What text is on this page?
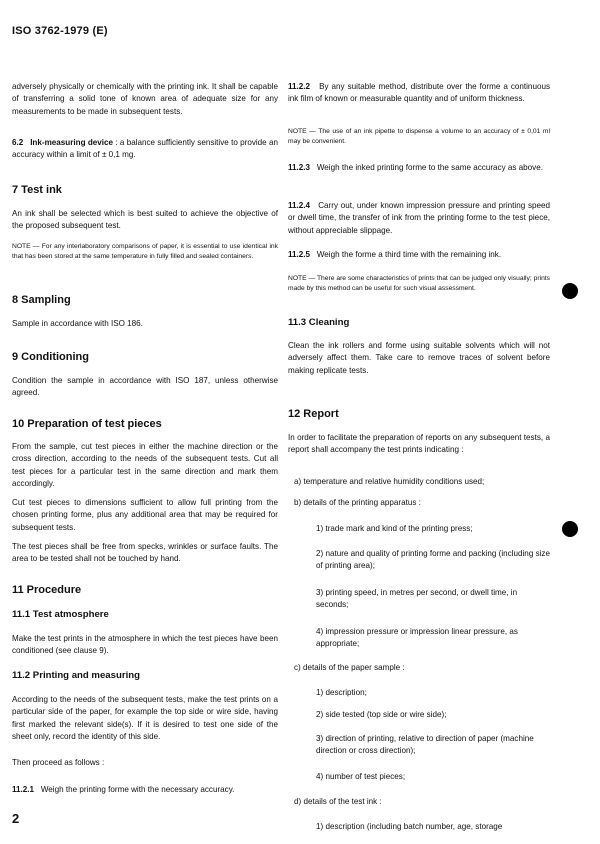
ISO 3762-1979 (E)

adversely physically or chemically with the printing ink. It shall be capable of transferring a solid tone of known area of adequate size for any measurements to be made in subsequent tests.

6.2 Ink-measuring device : a balance sufficiently sensitive to provide an accuracy within a limit of ± 0,1 mg.

7 Test ink

An ink shall be selected which is best suited to achieve the objective of the proposed subsequent test.

NOTE — For any interlaboratory comparisons of paper, it is essential to use identical ink that has been stored at the same temperature in fully filled and sealed containers.

8 Sampling

Sample in accordance with ISO 186.

9 Conditioning

Condition the sample in accordance with ISO 187, unless otherwise agreed.

10 Preparation of test pieces

From the sample, cut test pieces in either the machine direction or the cross direction, according to the needs of the subsequent tests. Cut all test pieces for a particular test in the same direction and mark them accordingly.

Cut test pieces to dimensions sufficient to allow full printing from the chosen printing forme, plus any additional area that may be required for subsequent tests.

The test pieces shall be free from specks, wrinkles or surface faults. The area to be tested shall not be touched by hand.

11 Procedure
11.1 Test atmosphere

Make the test prints in the atmosphere in which the test pieces have been conditioned (see clause 9).

11.2 Printing and measuring

According to the needs of the subsequent tests, make the test prints on a particular side of the paper, for example the top side or wire side, having first marked the relevant side(s). If it is desired to test one side of the sheet only, record the identity of this side.

Then proceed as follows :

11.2.1 Weigh the printing forme with the necessary accuracy.

11.2.2 By any suitable method, distribute over the forme a continuous ink film of known or measurable quantity and of uniform thickness.

NOTE — The use of an ink pipette to dispense a volume to an accuracy of ± 0,01 ml may be convenient.

11.2.3 Weigh the inked printing forme to the same accuracy as above.

11.2.4 Carry out, under known impression pressure and printing speed or dwell time, the transfer of ink from the printing forme to the test piece, without appreciable slippage.

11.2.5 Weigh the forme a third time with the remaining ink.

NOTE — There are some characteristics of prints that can be judged only visually; prints made by this method can be useful for such visual assessment.

11.3 Cleaning

Clean the ink rollers and forme using suitable solvents which will not adversely affect them. Take care to remove traces of solvent before making replicate tests.

12 Report

In order to facilitate the preparation of reports on any subsequent tests, a report shall accompany the test prints indicating :

a) temperature and relative humidity conditions used;
b) details of the printing apparatus :
1) trade mark and kind of the printing press;
2) nature and quality of printing forme and packing (including size of printing area);
3) printing speed, in metres per second, or dwell time, in seconds;
4) impression pressure or impression linear pressure, as appropriate;
c) details of the paper sample :
1) description;
2) side tested (top side or wire side);
3) direction of printing, relative to direction of paper (machine direction or cross direction);
4) number of test pieces;
d) details of the test ink :
1) description (including batch number, age, storage
2
